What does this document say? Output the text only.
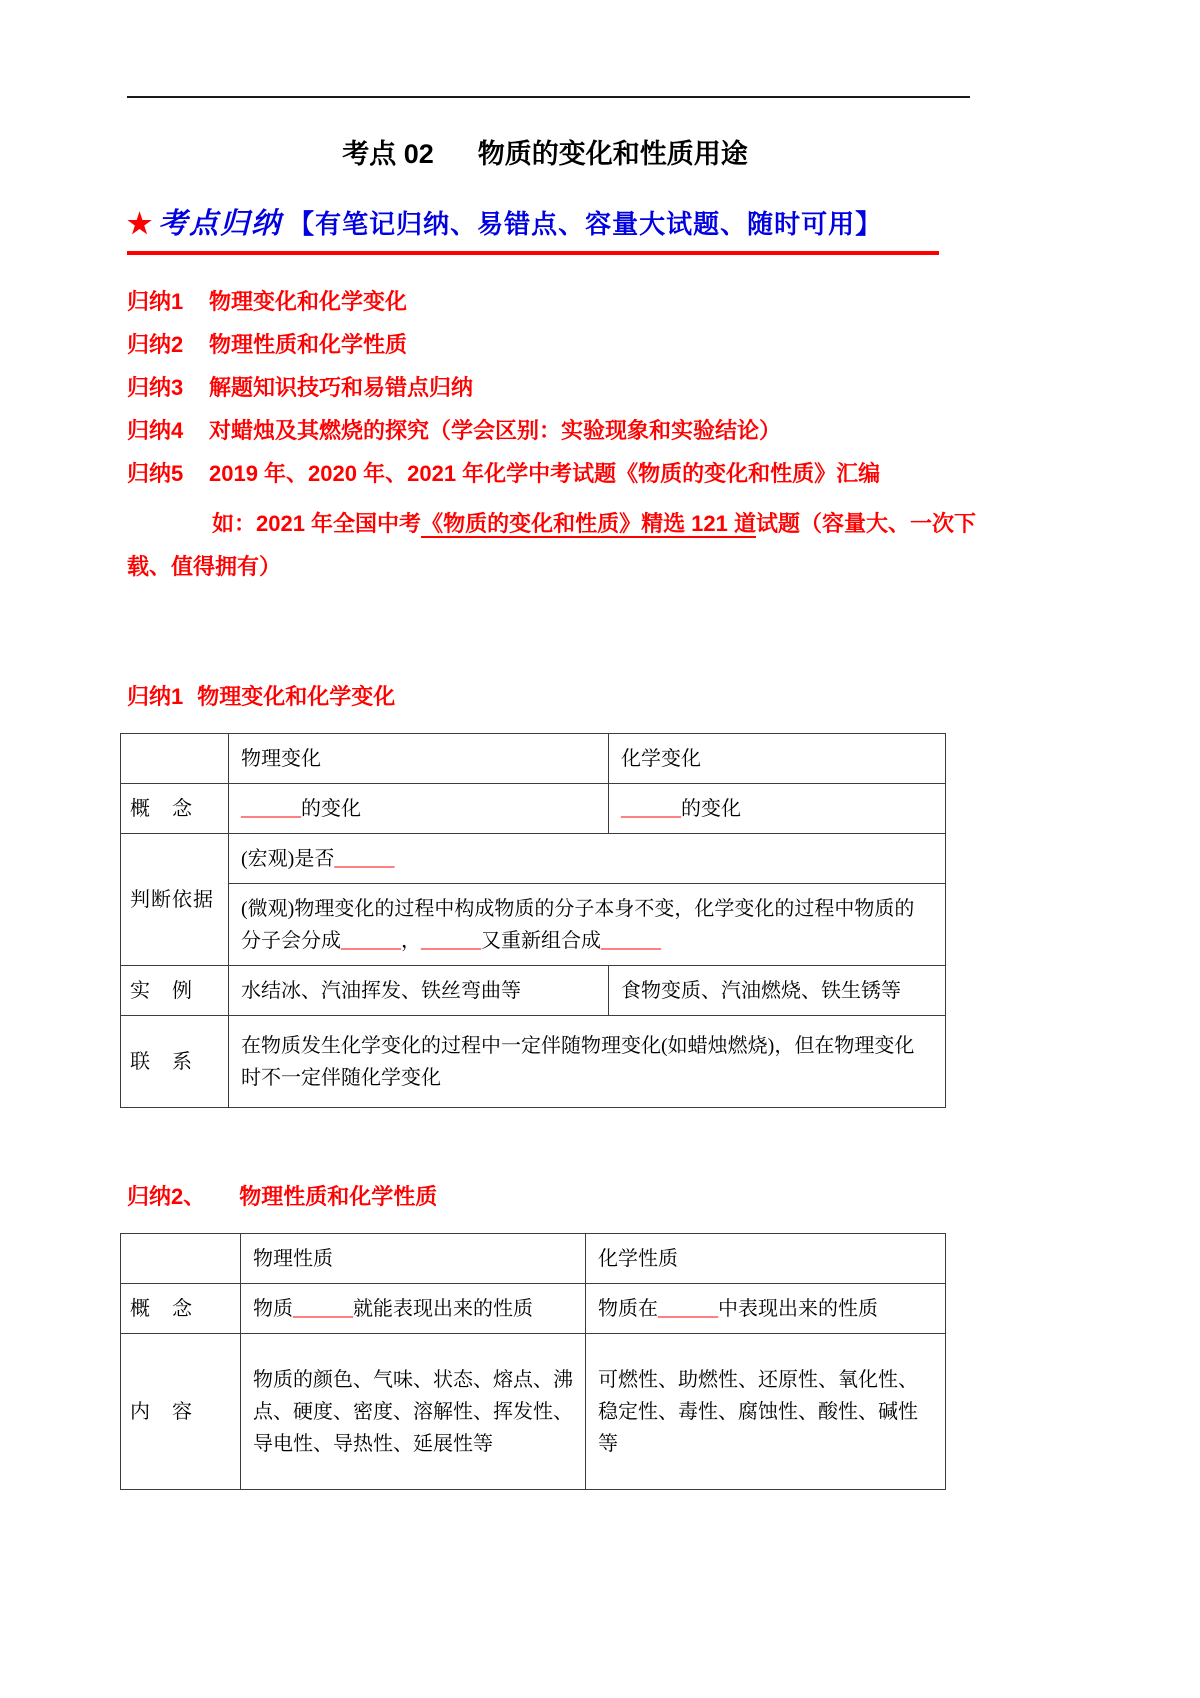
考点 02 物质的变化和性质用途
★ 考点归纳 【有笔记归纳、易错点、容量大试题、随时可用】
归纳1	物理变化和化学变化
归纳2	物理性质和化学性质
归纳3	解题知识技巧和易错点归纳
归纳4	对蜡烛及其燃烧的探究（学会区别：实验现象和实验结论）
归纳5	2019 年、2020 年、2021 年化学中考试题《物质的变化和性质》汇编

如：2021 年全国中考《物质的变化和性质》精选 121 道试题（容量大、一次下载、值得拥有）

归纳1 物理变化和化学变化
	物理变化	化学变化
概　念	______的变化	______的变化
判断依据	(宏观)是否______	
	(微观)物理变化的过程中构成物质的分子本身不变，化学变化的过程中物质的分子会分成______，______又重新组合成______	
实　例	水结冰、汽油挥发、铁丝弯曲等	食物变质、汽油燃烧、铁生锈等
联　系	在物质发生化学变化的过程中一定伴随物理变化(如蜡烛燃烧)，但在物理变化时不一定伴随化学变化	
归纳2、 物理性质和化学性质
	物理性质	化学性质
概　念	物质______就能表现出来的性质	物质在______中表现出来的性质
内　容	物质的颜色、气味、状态、熔点、沸点、硬度、密度、溶解性、挥发性、导电性、导热性、延展性等	可燃性、助燃性、还原性、氧化性、稳定性、毒性、腐蚀性、酸性、碱性等
